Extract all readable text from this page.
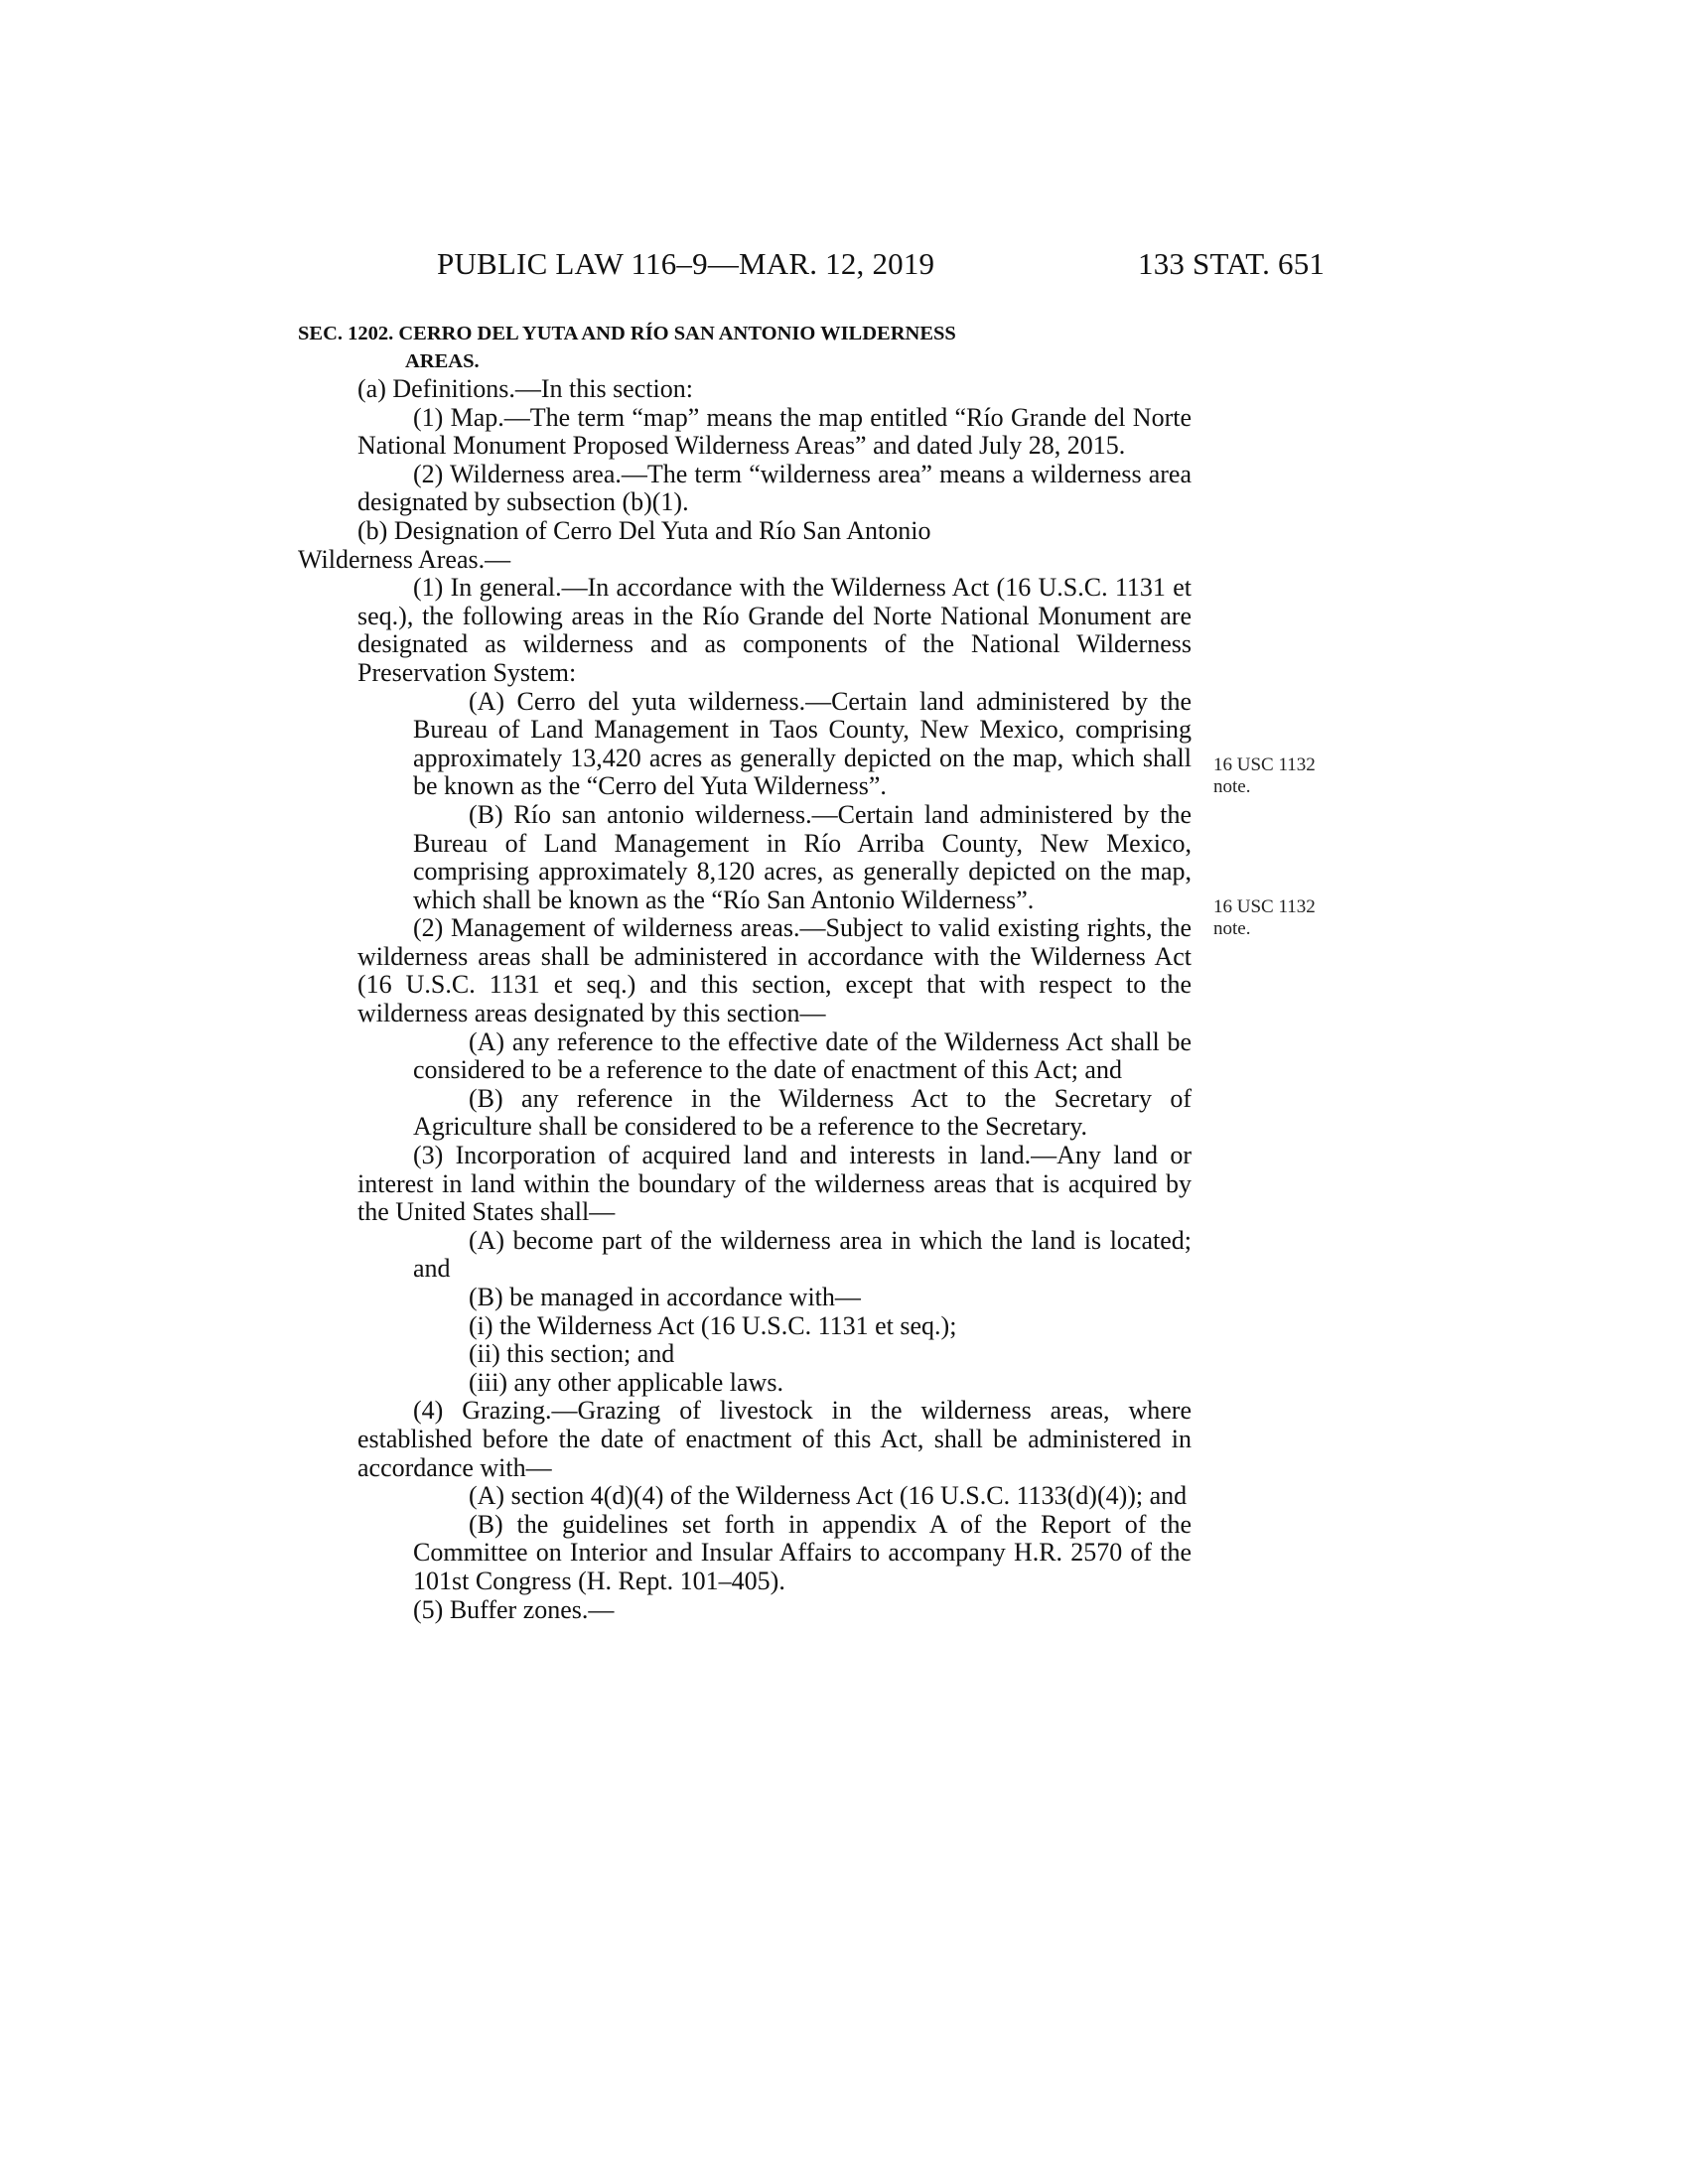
PUBLIC LAW 116–9—MAR. 12, 2019	133 STAT. 651
SEC. 1202. CERRO DEL YUTA AND RÍO SAN ANTONIO WILDERNESS
AREAS.
(a) Definitions.—In this section:
(1) Map.—The term “map” means the map entitled “Río Grande del Norte National Monument Proposed Wilderness Areas” and dated July 28, 2015.
(2) Wilderness area.—The term “wilderness area” means a wilderness area designated by subsection (b)(1).
(b) Designation of Cerro Del Yuta and Río San Antonio
Wilderness Areas.—
(1) In general.—In accordance with the Wilderness Act (16 U.S.C. 1131 et seq.), the following areas in the Río Grande del Norte National Monument are designated as wilderness and as components of the National Wilderness Preservation System:
(A) Cerro del yuta wilderness.—Certain land administered by the Bureau of Land Management in Taos County, New Mexico, comprising approximately 13,420 acres as generally depicted on the map, which shall be known as the “Cerro del Yuta Wilderness”.
(B) Río san antonio wilderness.—Certain land administered by the Bureau of Land Management in Río Arriba County, New Mexico, comprising approximately 8,120 acres, as generally depicted on the map, which shall be known as the “Río San Antonio Wilderness”.
(2) Management of wilderness areas.—Subject to valid existing rights, the wilderness areas shall be administered in accordance with the Wilderness Act (16 U.S.C. 1131 et seq.) and this section, except that with respect to the wilderness areas designated by this section—
(A) any reference to the effective date of the Wilderness Act shall be considered to be a reference to the date of enactment of this Act; and
(B) any reference in the Wilderness Act to the Secretary of Agriculture shall be considered to be a reference to the Secretary.
(3) Incorporation of acquired land and interests in land.—Any land or interest in land within the boundary of the wilderness areas that is acquired by the United States shall—
(A) become part of the wilderness area in which the land is located; and
(B) be managed in accordance with—
(i) the Wilderness Act (16 U.S.C. 1131 et seq.);
(ii) this section; and
(iii) any other applicable laws.
(4) Grazing.—Grazing of livestock in the wilderness areas, where established before the date of enactment of this Act, shall be administered in accordance with—
(A) section 4(d)(4) of the Wilderness Act (16 U.S.C. 1133(d)(4)); and
(B) the guidelines set forth in appendix A of the Report of the Committee on Interior and Insular Affairs to accompany H.R. 2570 of the 101st Congress (H. Rept. 101–405).
(5) Buffer zones.—
16 USC 1132
note.
16 USC 1132
note.
